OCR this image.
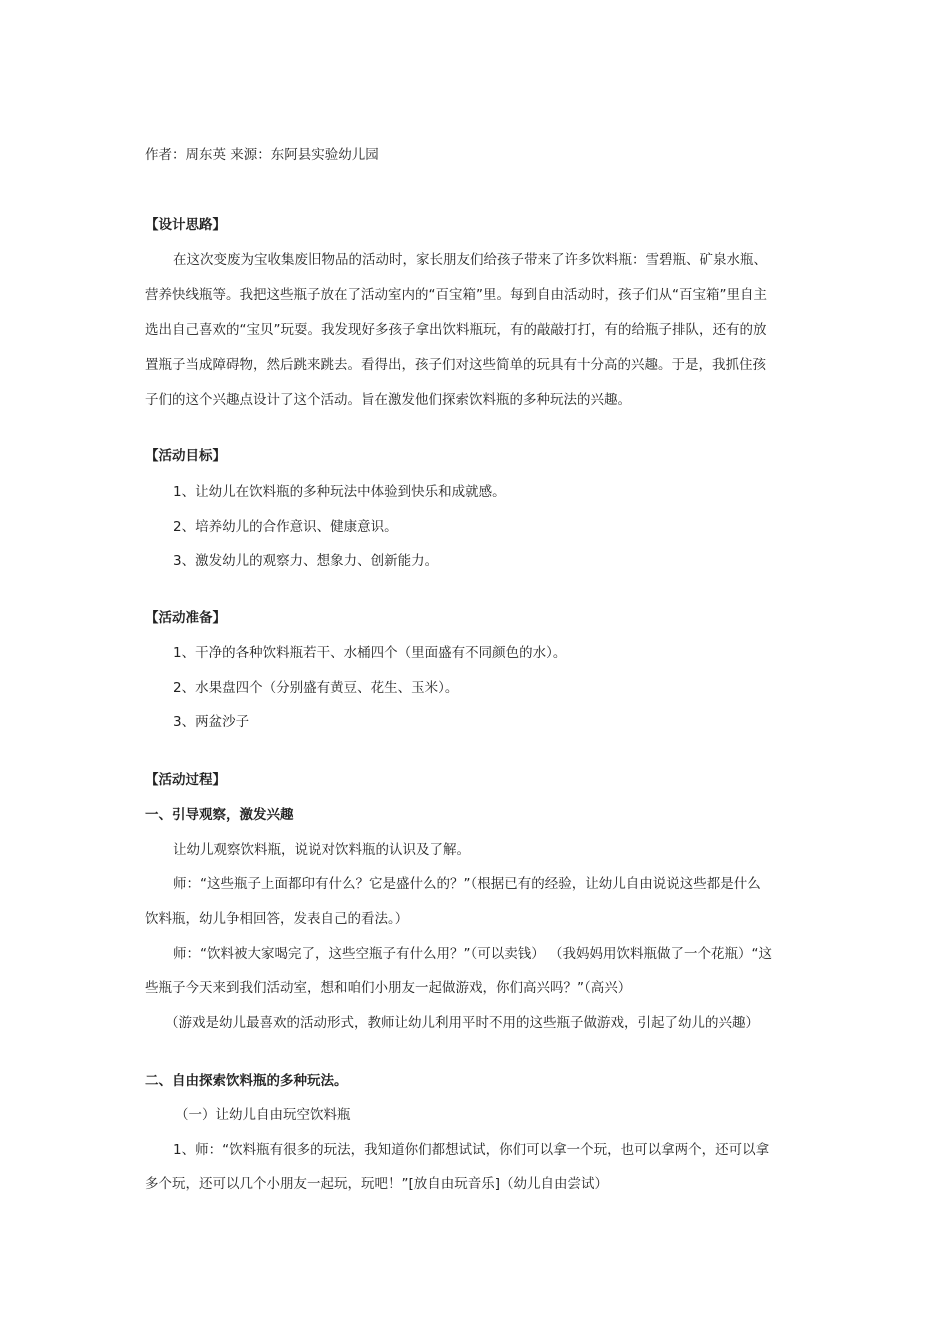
作者：周东英 来源：东阿县实验幼儿园
【设计思路】
在这次变废为宝收集废旧物品的活动时，家长朋友们给孩子带来了许多饮料瓶：雪碧瓶、矿泉水瓶、
营养快线瓶等。我把这些瓶子放在了活动室内的“百宝箱”里。每到自由活动时，孩子们从“百宝箱”里自主
选出自己喜欢的“宝贝”玩耍。我发现好多孩子拿出饮料瓶玩，有的敲敲打打，有的给瓶子排队，还有的放
置瓶子当成障碍物，然后跳来跳去。看得出，孩子们对这些简单的玩具有十分高的兴趣。于是，我抓住孩
子们的这个兴趣点设计了这个活动。旨在激发他们探索饮料瓶的多种玩法的兴趣。
【活动目标】
1、让幼儿在饮料瓶的多种玩法中体验到快乐和成就感。
2、培养幼儿的合作意识、健康意识。
3、激发幼儿的观察力、想象力、创新能力。
【活动准备】
1、干净的各种饮料瓶若干、水桶四个（里面盛有不同颜色的水）。
2、水果盘四个（分别盛有黄豆、花生、玉米）。
3、两盆沙子
【活动过程】
一、引导观察，激发兴趣
让幼儿观察饮料瓶，说说对饮料瓶的认识及了解。
师：“这些瓶子上面都印有什么？它是盛什么的？”（根据已有的经验，让幼儿自由说说这些都是什么
饮料瓶，幼儿争相回答，发表自己的看法。）
师：“饮料被大家喝完了，这些空瓶子有什么用？”（可以卖钱） （我妈妈用饮料瓶做了一个花瓶）“这
些瓶子今天来到我们活动室，想和咱们小朋友一起做游戏，你们高兴吗？”（高兴）
（游戏是幼儿最喜欢的活动形式，教师让幼儿利用平时不用的这些瓶子做游戏，引起了幼儿的兴趣）
二、自由探索饮料瓶的多种玩法。
（一）让幼儿自由玩空饮料瓶
1、师：“饮料瓶有很多的玩法，我知道你们都想试试，你们可以拿一个玩，也可以拿两个，还可以拿
多个玩，还可以几个小朋友一起玩，玩吧！”[放自由玩音乐]（幼儿自由尝试）
